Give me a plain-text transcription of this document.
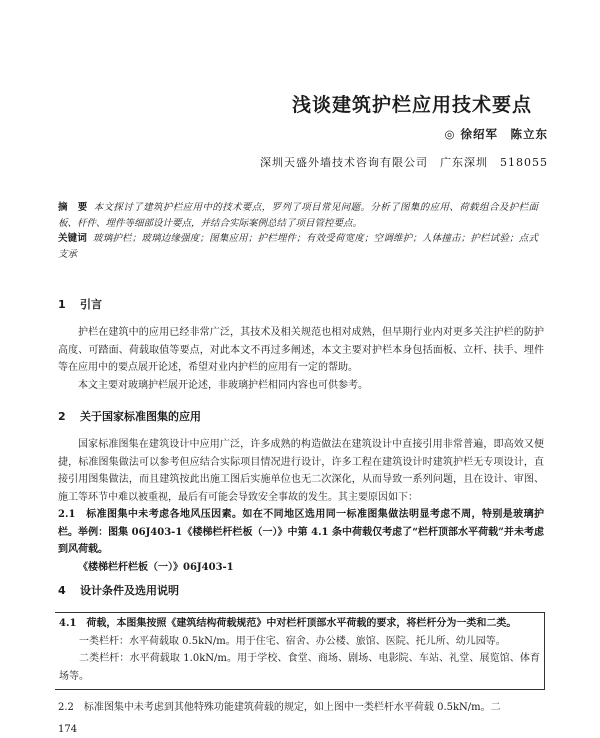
浅谈建筑护栏应用技术要点
◎ 徐绍军　陈立东
深圳天盛外墙技术咨询有限公司　广东深圳　518055
摘　要 本文探讨了建筑护栏应用中的技术要点，罗列了项目常见问题。分析了图集的应用、荷载组合及护栏面板、杆件、埋件等细部设计要点，并结合实际案例总结了项目管控要点。
关键词 玻璃护栏；玻璃边缘强度；图集应用；护栏埋件；有效受荷宽度；空调维护；人体撞击；护栏试验；点式支承
1 引言

护栏在建筑中的应用已经非常广泛，其技术及相关规范也相对成熟，但早期行业内对更多关注护栏的防护高度、可踏面、荷载取值等要点，对此本文不再过多阐述，本文主要对护栏本身包括面板、立杆、扶手、埋件等在应用中的要点展开论述，希望对业内护栏的应用有一定的帮助。

本文主要对玻璃护栏展开论述，非玻璃护栏相同内容也可供参考。

2 关于国家标准图集的应用

国家标准图集在建筑设计中应用广泛，许多成熟的构造做法在建筑设计中直接引用非常普遍，即高效又便捷，标准图集做法可以参考但应结合实际项目情况进行设计，许多工程在建筑设计时建筑护栏无专项设计，直接引用图集做法，而且建筑按此出施工图后实施单位也无二次深化，从而导致一系列问题，且在设计、审图、施工等环节中难以被重视，最后有可能会导致安全事故的发生。其主要原因如下：

2.1　标准图集中未考虑各地风压因素。如在不同地区选用同一标准图集做法明显考虑不周，特别是玻璃护栏。举例：图集 06J403-1《楼梯栏杆栏板（一）》中第 4.1 条中荷载仅考虑了“栏杆顶部水平荷载”并未考虑到风荷载。

《楼梯栏杆栏板（一）》06J403-1

4 设计条件及选用说明

4.1　荷载，本图集按照《建筑结构荷载规范》中对栏杆顶部水平荷载的要求，将栏杆分为一类和二类。

一类栏杆：水平荷载取 0.5kN/m。用于住宅、宿舍、办公楼、旅馆、医院、托儿所、幼儿园等。

二类栏杆：水平荷载取 1.0kN/m。用于学校、食堂、商场、剧场、电影院、车站、礼堂、展览馆、体育场等。

2.2　标准图集中未考虑到其他特殊功能建筑荷载的规定，如上图中一类栏杆水平荷载 0.5kN/m。二
174
